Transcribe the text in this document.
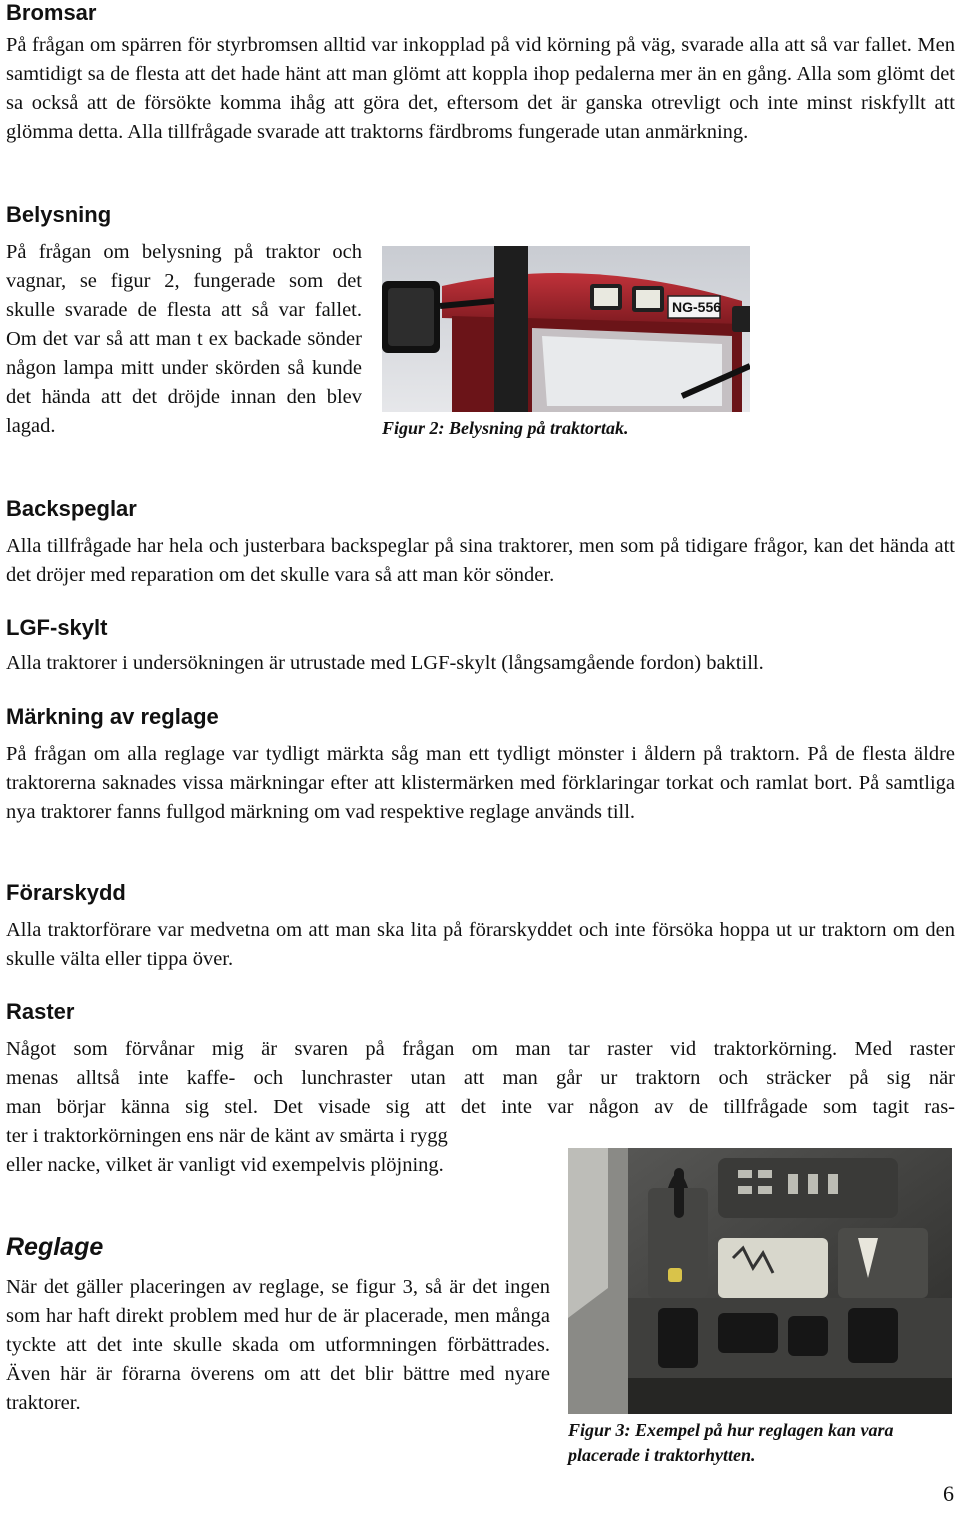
Bromsar

På frågan om spärren för styrbromsen alltid var inkopplad på vid körning på väg, svarade alla att så var fallet. Men samtidigt sa de flesta att det hade hänt att man glömt att koppla ihop pedalerna mer än en gång. Alla som glömt det sa också att de försökte komma ihåg att göra det, eftersom det är ganska otrevligt och inte minst riskfyllt att glömma detta. Alla tillfrågade svarade att traktorns färdbroms fungerade utan anmärkning.

Belysning

På frågan om belysning på traktor och vagnar, se figur 2, fungerade som det skulle svarade de flesta att så var fallet. Om det var så att man t ex backade sönder någon lampa mitt under skörden så kunde det hända att det dröjde innan den blev lagad.

NG-556

Figur 2: Belysning på traktortak.

Backspeglar

Alla tillfrågade har hela och justerbara backspeglar på sina traktorer, men som på tidigare frågor, kan det hända att det dröjer med reparation om det skulle vara så att man kör sönder.

LGF-skylt

Alla traktorer i undersökningen är utrustade med LGF-skylt (långsamgående fordon) baktill.

Märkning av reglage

På frågan om alla reglage var tydligt märkta såg man ett tydligt mönster i åldern på traktorn. På de flesta äldre traktorerna saknades vissa märkningar efter att klistermärken med förklaringar torkat och ramlat bort. På samtliga nya traktorer fanns fullgod märkning om vad respektive reglage används till.

Förarskydd

Alla traktorförare var medvetna om att man ska lita på förarskyddet och inte försöka hoppa ut ur traktorn om den skulle välta eller tippa över.

Raster
Något som förvånar mig är svaren på frågan om man tar raster vid traktorkörning. Med raster
menas alltså inte kaffe- och lunchraster utan att man går ur traktorn och sträcker på sig när
man börjar känna sig stel. Det visade sig att det inte var någon av de tillfrågade som tagit ras-
ter i traktorkörningen ens när de känt av smärta i rygg
eller nacke, vilket är vanligt vid exempelvis plöjning.

Figur 3: Exempel på hur reglagen kan vara placerade i traktorhytten.

Reglage

När det gäller placeringen av reglage, se figur 3, så är det ingen som har haft direkt problem med hur de är placerade, men många tyckte att det inte skulle skada om utformningen förbättrades. Även här är förarna överens om att det blir bättre med nyare traktorer.

6
